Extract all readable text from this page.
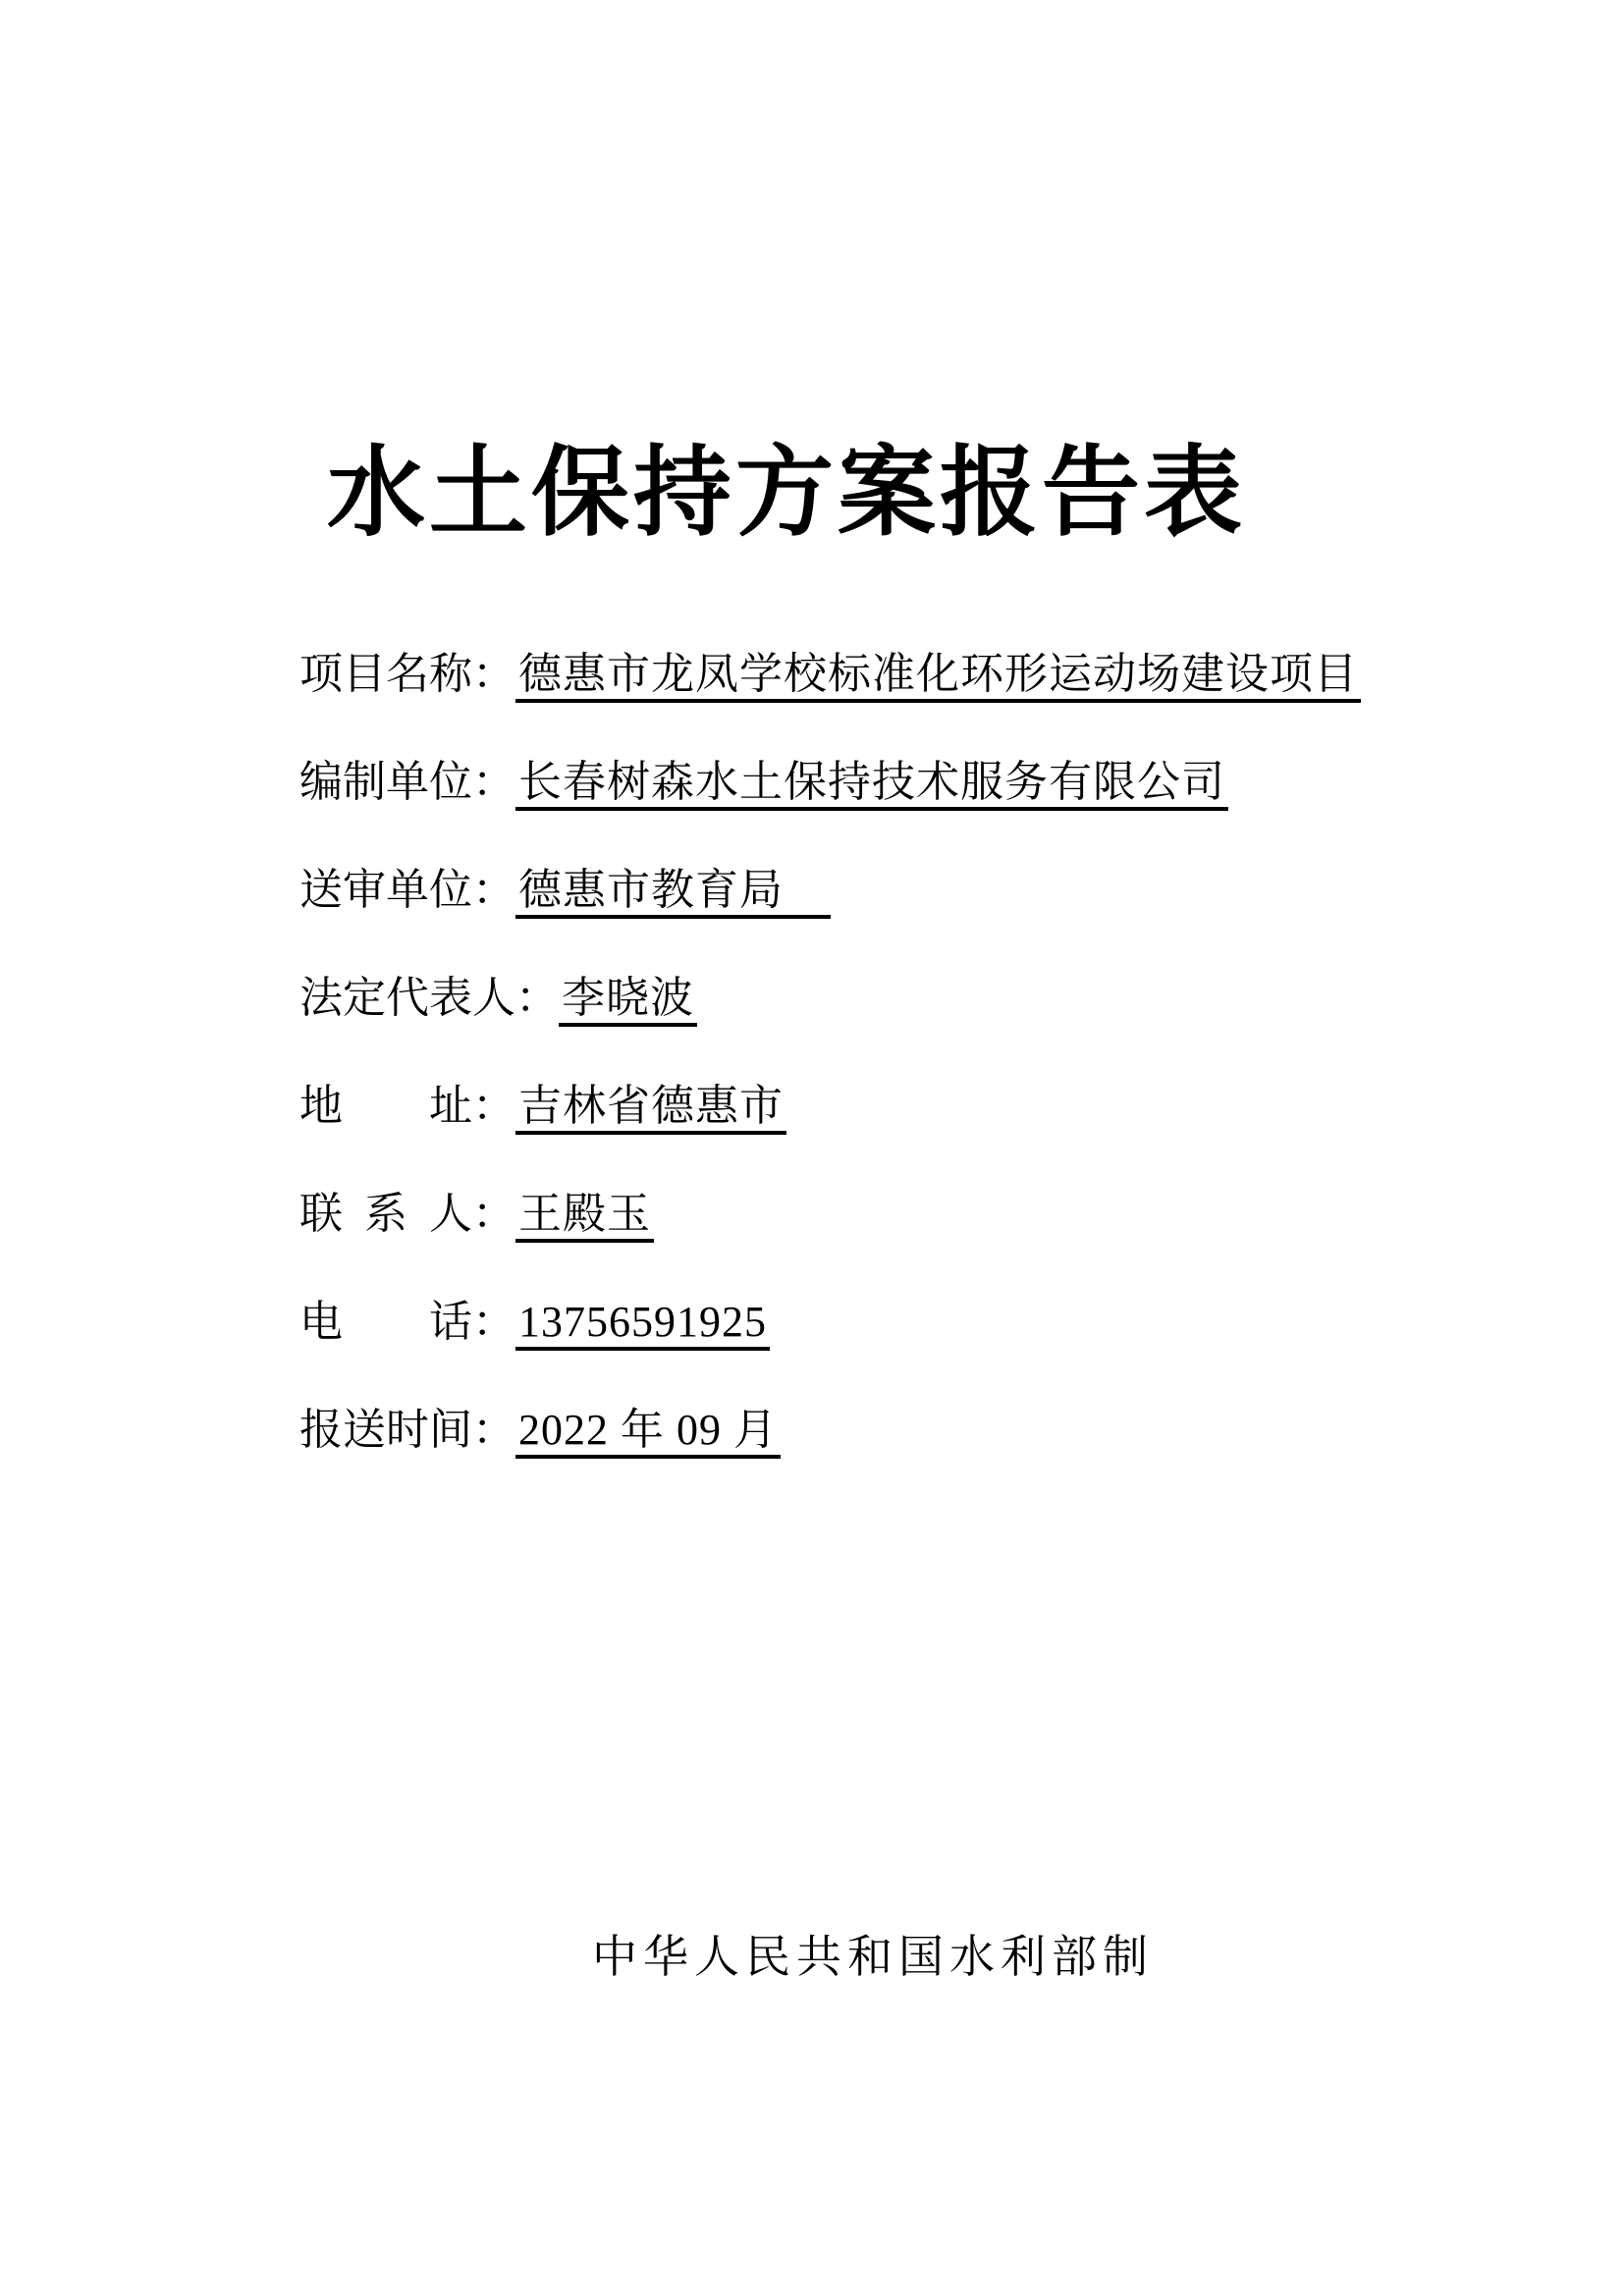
水土保持方案报告表
项目名称：德惠市龙凤学校标准化环形运动场建设项目
编制单位：长春树森水土保持技术服务有限公司
送审单位：德惠市教育局　
法定代表人：李晓波
地址：吉林省德惠市
联系人：王殿玉
电话：13756591925
报送时间：2022 年 09 月
中华人民共和国水利部制
